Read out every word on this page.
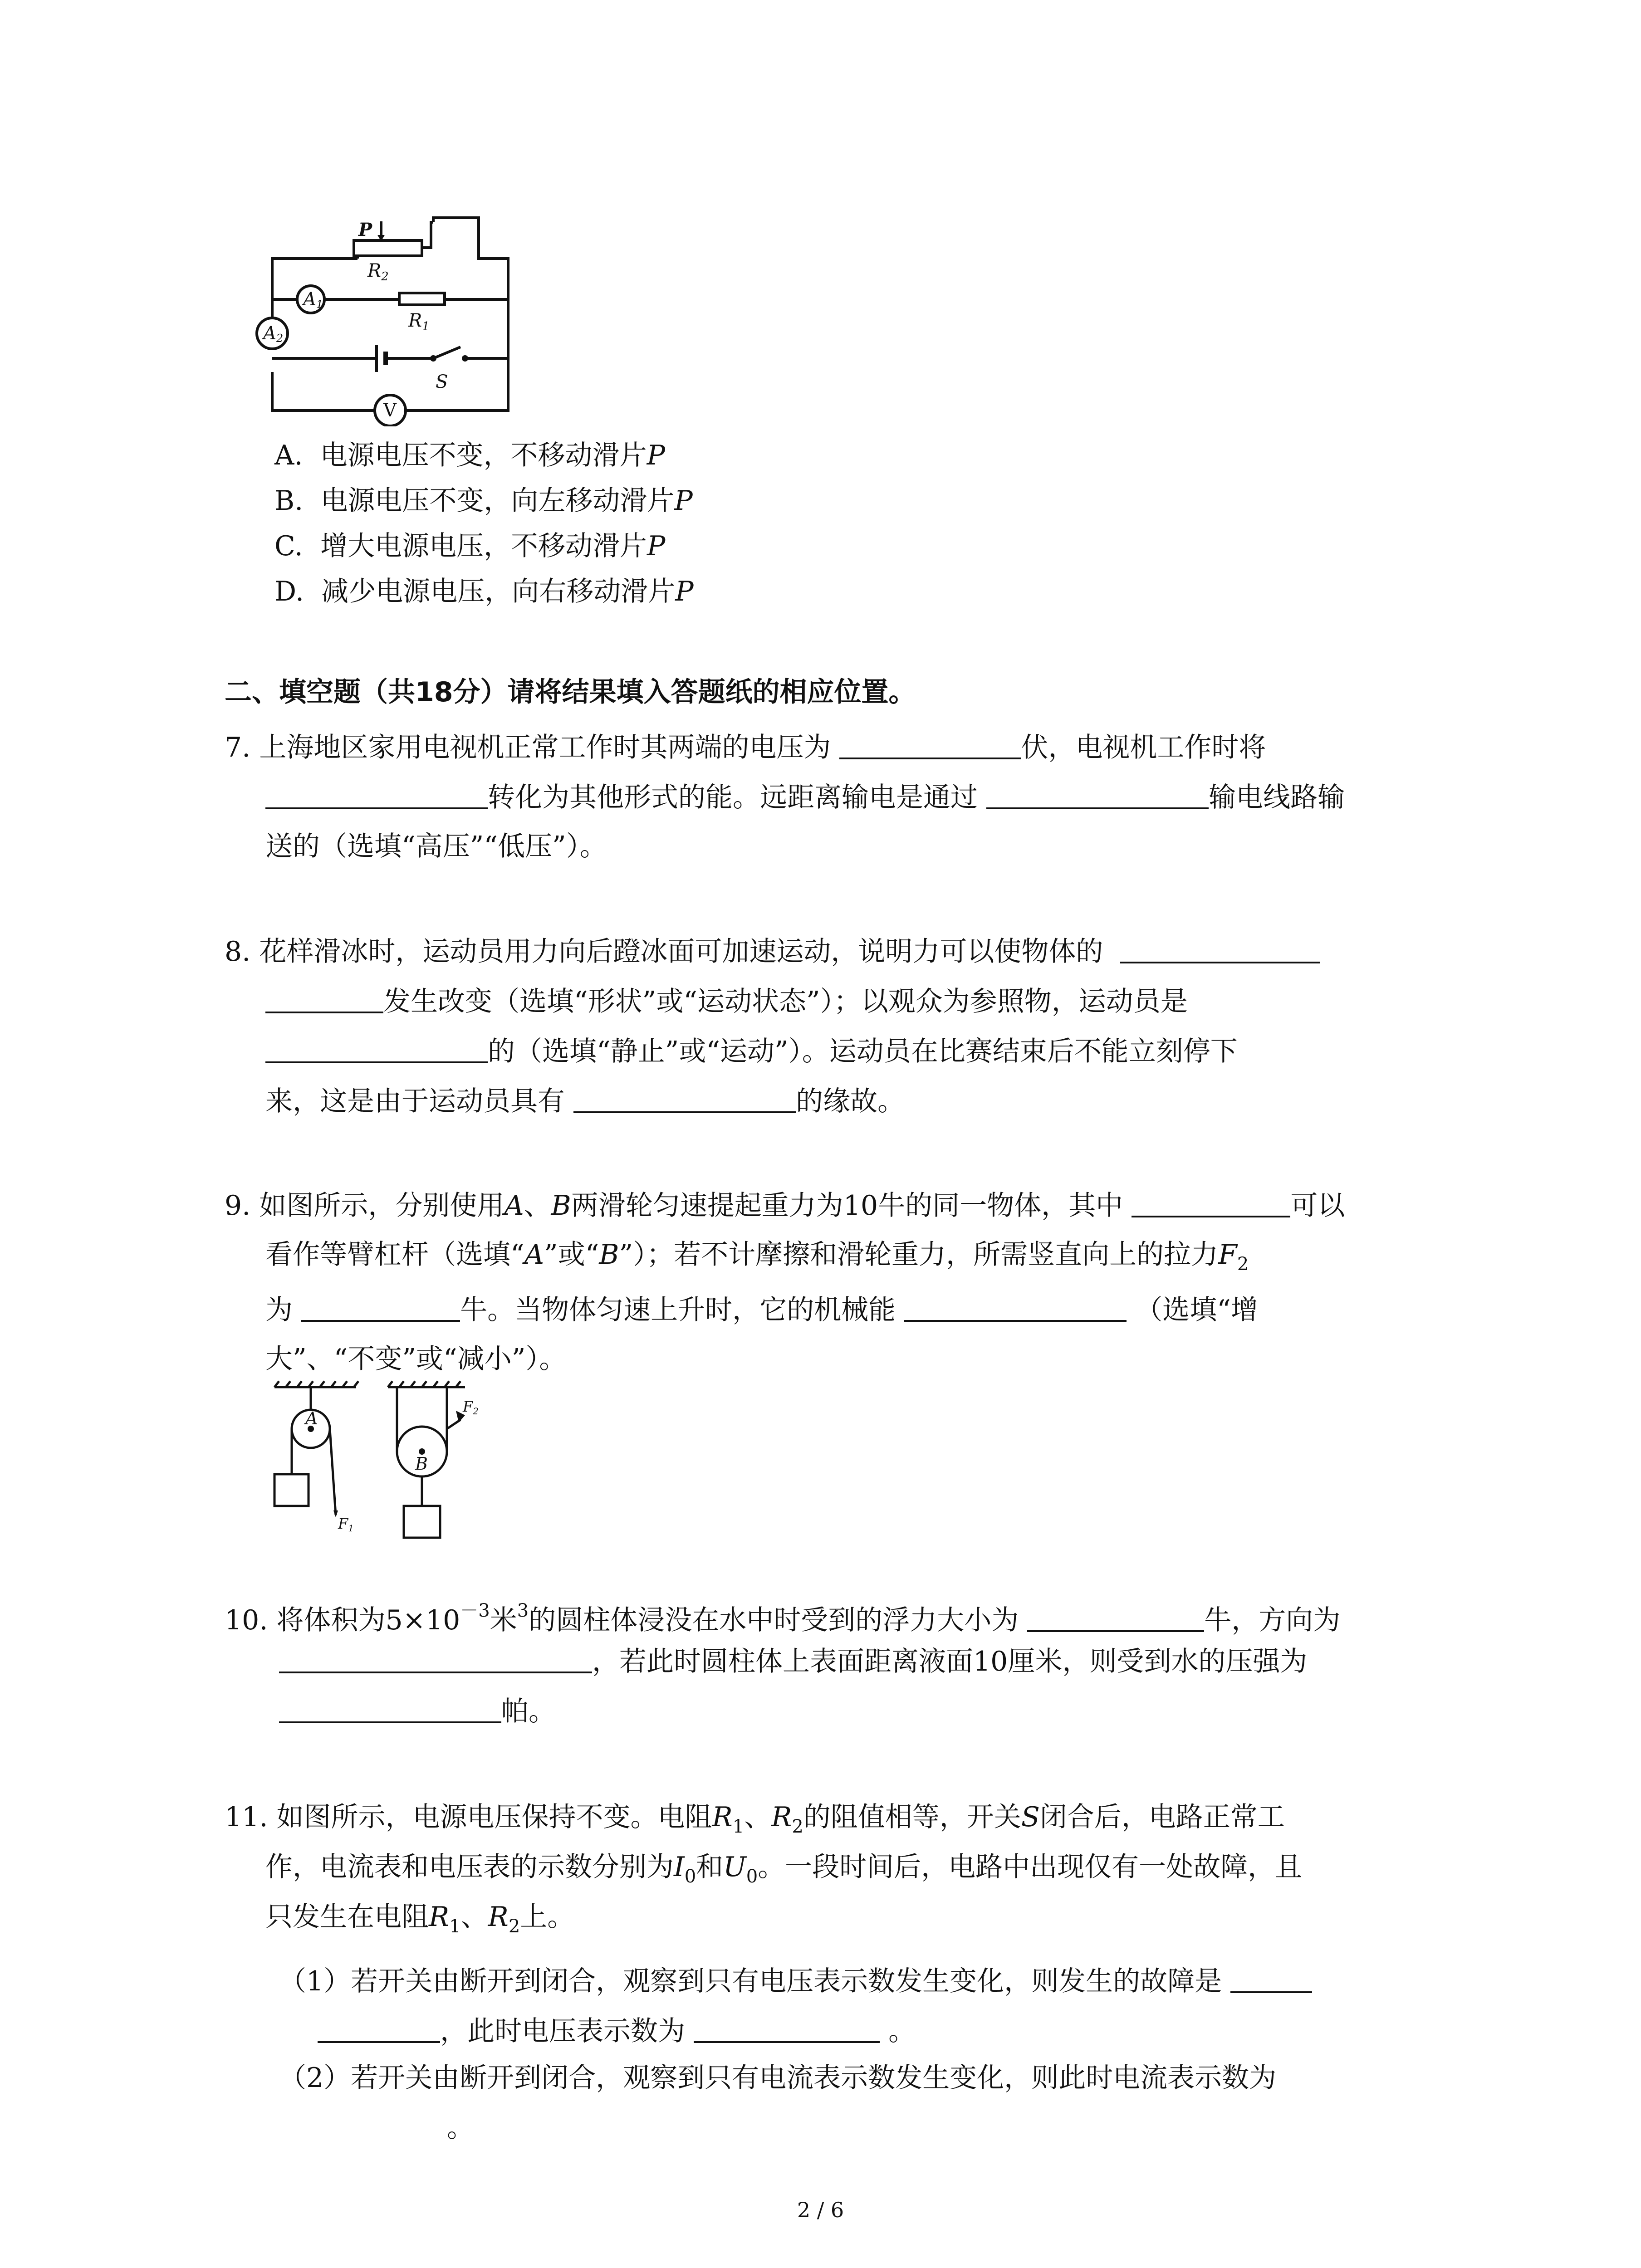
P
$R_2$
A1
$R_1$
A2
S
V
A. 电源电压不变，不移动滑片P
B. 电源电压不变，向左移动滑片P
C. 增大电源电压，不移动滑片P
D. 减少电源电压，向右移动滑片P
二、填空题（共18分）请将结果填入答题纸的相应位置。
7. 上海地区家用电视机正常工作时其两端的电压为	伏，电视机工作时将
转化为其他形式的能。远距离输电是通过	输电线路输
送的（选填“高压”“低压”）。
8. 花样滑冰时，运动员用力向后蹬冰面可加速运动，说明力可以使物体的
发生改变（选填“形状”或“运动状态”）；以观众为参照物，运动员是
的（选填“静止”或“运动”）。运动员在比赛结束后不能立刻停下
来，这是由于运动员具有	的缘故。
9. 如图所示，分别使用A、B两滑轮匀速提起重力为10牛的同一物体，其中	可以
看作等臂杠杆（选填“A”或“B”）；若不计摩擦和滑轮重力，所需竖直向上的拉力$F_2$
为	牛。当物体匀速上升时，它的机械能	（选填“增
大”、“不变”或“减小”）。
A
B
F1
F2
10. 将体积为$5\times 10^{-3}$米$^3$的圆柱体浸没在水中时受到的浮力大小为	牛，方向为
，若此时圆柱体上表面距离液面10厘米，则受到水的压强为
帕。
11. 如图所示，电源电压保持不变。电阻$R_1$、$R_2$的阻值相等，开关S闭合后，电路正常工
作，电流表和电压表的示数分别为$I_0$和$U_0$。一段时间后，电路中出现仅有一处故障，且
只发生在电阻$R_1$、$R_2$上。
（1）若开关由断开到闭合，观察到只有电压表示数发生变化，则发生的故障是
，此时电压表示数为	。
（2）若开关由断开到闭合，观察到只有电流表示数发生变化，则此时电流表示数为
。
2 / 6
